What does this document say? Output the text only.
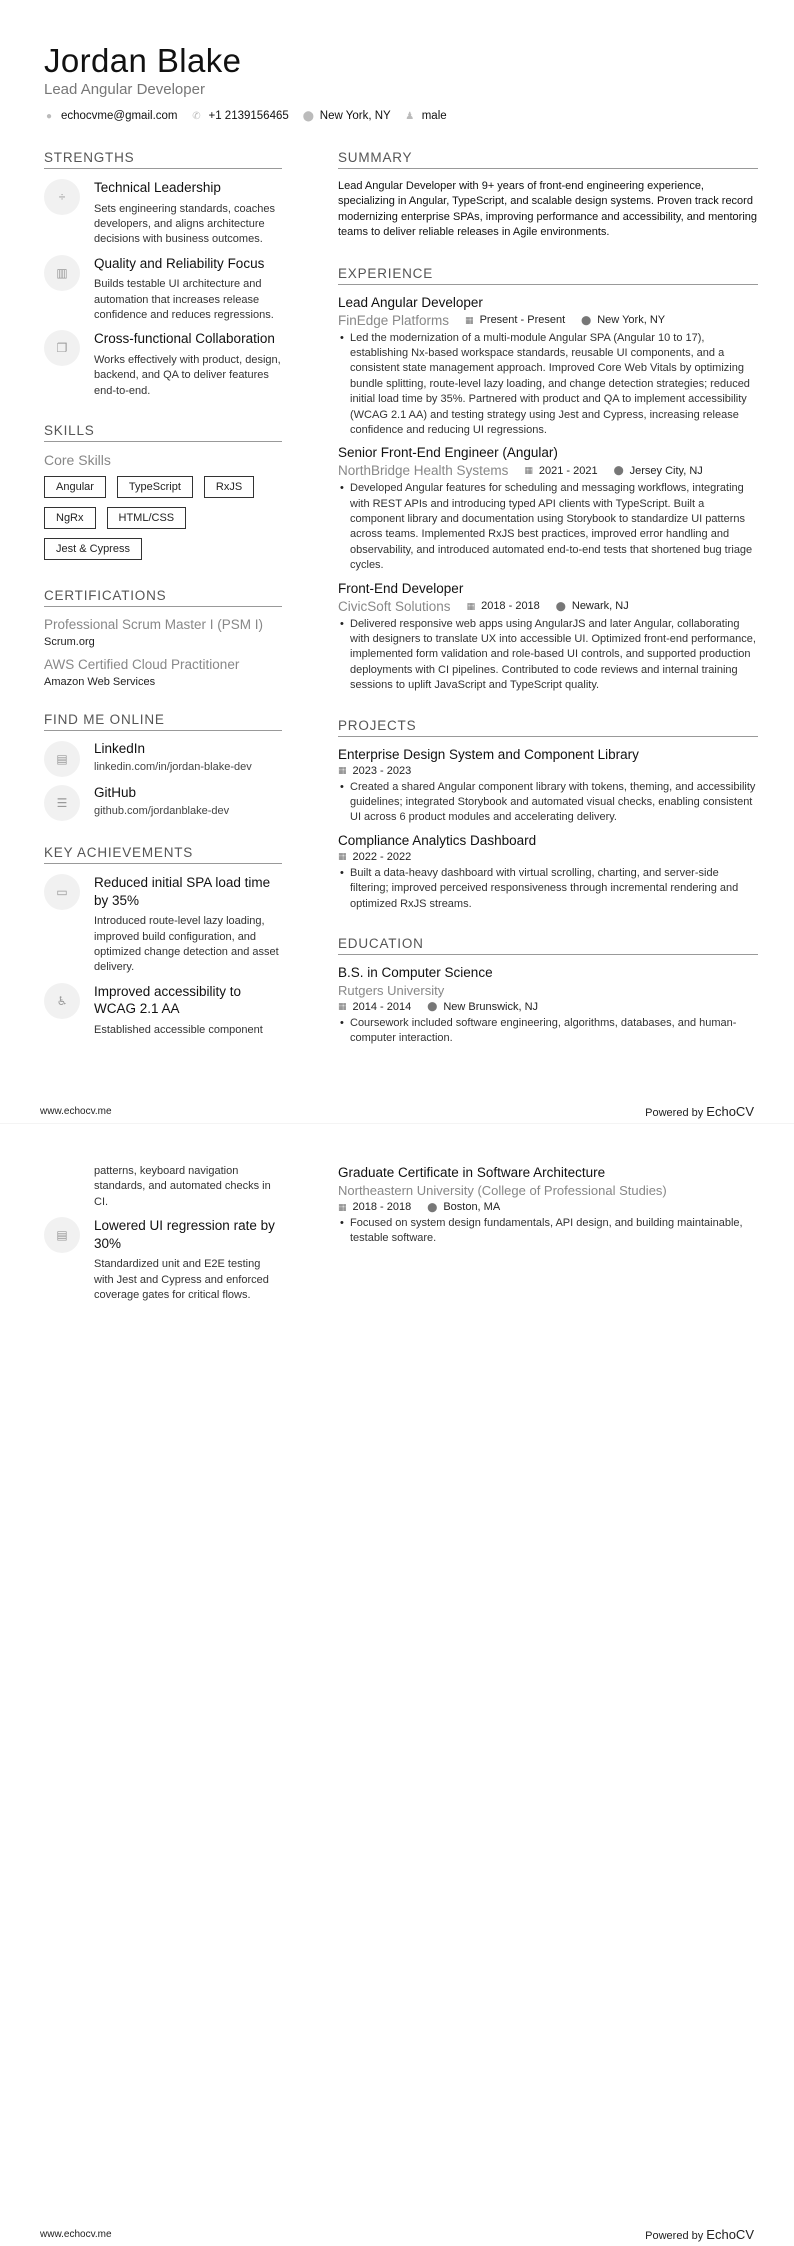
Jordan Blake
Lead Angular Developer
● echocvme@gmail.com ✆ +1 2139156465 ⬤ New York, NY ♟ male
STRENGTHS
÷
Technical Leadership
Sets engineering standards, coaches developers, and aligns architecture decisions with business outcomes.
▥
Quality and Reliability Focus
Builds testable UI architecture and automation that increases release confidence and reduces regressions.
❐
Cross-functional Collaboration
Works effectively with product, design, backend, and QA to deliver features end-to-end.
SKILLS
Core Skills
Angular	TypeScript	RxJS
NgRx	HTML/CSS
Jest & Cypress
CERTIFICATIONS
Professional Scrum Master I (PSM I)
Scrum.org
AWS Certified Cloud Practitioner
Amazon Web Services
FIND ME ONLINE
▤
LinkedIn
linkedin.com/in/jordan-blake-dev
☰
GitHub
github.com/jordanblake-dev
KEY ACHIEVEMENTS
▭
Reduced initial SPA load time by 35%
Introduced route-level lazy loading, improved build configuration, and optimized change detection and asset delivery.
♿
Improved accessibility to WCAG 2.1 AA
Established accessible component
SUMMARY
Lead Angular Developer with 9+ years of front-end engineering experience, specializing in Angular, TypeScript, and scalable design systems. Proven track record modernizing enterprise SPAs, improving performance and accessibility, and mentoring teams to deliver reliable releases in Agile environments.
EXPERIENCE
Lead Angular Developer
FinEdge Platforms ▦ Present - Present ⬤ New York, NY
• Led the modernization of a multi-module Angular SPA (Angular 10 to 17), establishing Nx-based workspace standards, reusable UI components, and a consistent state management approach. Improved Core Web Vitals by optimizing bundle splitting, route-level lazy loading, and change detection strategies; reduced initial load time by 35%. Partnered with product and QA to implement accessibility (WCAG 2.1 AA) and testing strategy using Jest and Cypress, increasing release confidence and reducing UI regressions.
Senior Front-End Engineer (Angular)
NorthBridge Health Systems ▦ 2021 - 2021 ⬤ Jersey City, NJ
• Developed Angular features for scheduling and messaging workflows, integrating with REST APIs and introducing typed API clients with TypeScript. Built a component library and documentation using Storybook to standardize UI patterns across teams. Implemented RxJS best practices, improved error handling and observability, and introduced automated end-to-end tests that shortened bug triage cycles.
Front-End Developer
CivicSoft Solutions ▦ 2018 - 2018 ⬤ Newark, NJ
• Delivered responsive web apps using AngularJS and later Angular, collaborating with designers to translate UX into accessible UI. Optimized front-end performance, implemented form validation and role-based UI controls, and supported production deployments with CI pipelines. Contributed to code reviews and internal training sessions to uplift JavaScript and TypeScript quality.
PROJECTS
Enterprise Design System and Component Library
▦ 2023 - 2023
• Created a shared Angular component library with tokens, theming, and accessibility guidelines; integrated Storybook and automated visual checks, enabling consistent UI across 6 product modules and accelerating delivery.
Compliance Analytics Dashboard
▦ 2022 - 2022
• Built a data-heavy dashboard with virtual scrolling, charting, and server-side filtering; improved perceived responsiveness through incremental rendering and optimized RxJS streams.
EDUCATION
B.S. in Computer Science
Rutgers University
▦ 2014 - 2014 ⬤ New Brunswick, NJ
• Coursework included software engineering, algorithms, databases, and human-computer interaction.
www.echocv.me	Powered by EchoCV
patterns, keyboard navigation standards, and automated checks in CI.
▤
Lowered UI regression rate by 30%
Standardized unit and E2E testing with Jest and Cypress and enforced coverage gates for critical flows.
Graduate Certificate in Software Architecture
Northeastern University (College of Professional Studies)
▦ 2018 - 2018 ⬤ Boston, MA
• Focused on system design fundamentals, API design, and building maintainable, testable software.
www.echocv.me	Powered by EchoCV
